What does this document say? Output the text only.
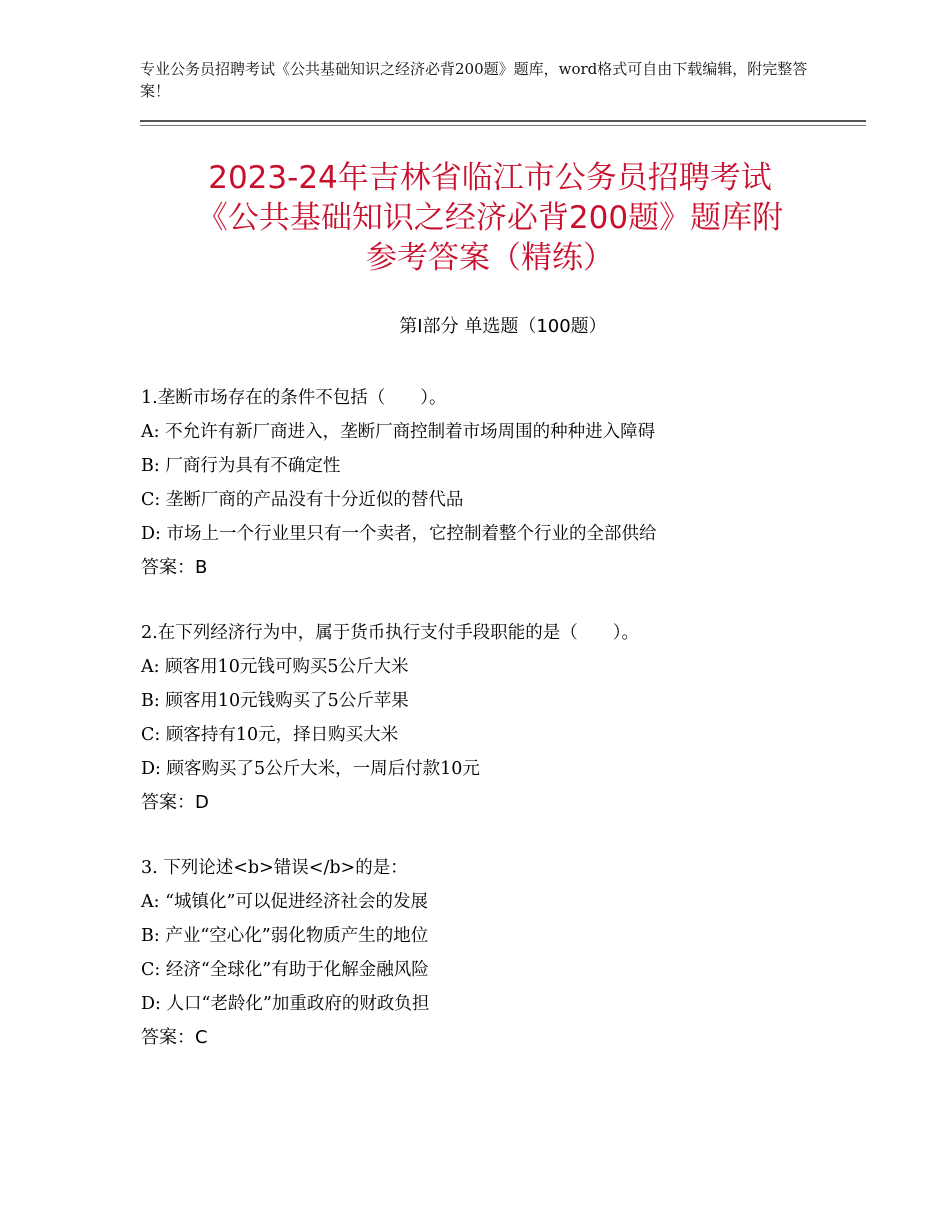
专业公务员招聘考试《公共基础知识之经济必背200题》题库，word格式可自由下载编辑，附完整答案！
2023-24年吉林省临江市公务员招聘考试
《公共基础知识之经济必背200题》题库附
参考答案（精练）
第I部分 单选题（100题）
1.垄断市场存在的条件不包括（　　）。
A: 不允许有新厂商进入，垄断厂商控制着市场周围的种种进入障碍
B: 厂商行为具有不确定性
C: 垄断厂商的产品没有十分近似的替代品
D: 市场上一个行业里只有一个卖者，它控制着整个行业的全部供给
答案：B
2.在下列经济行为中，属于货币执行支付手段职能的是（　　）。
A: 顾客用10元钱可购买5公斤大米
B: 顾客用10元钱购买了5公斤苹果
C: 顾客持有10元，择日购买大米
D: 顾客购买了5公斤大米，一周后付款10元
答案：D
3. 下列论述<b>错误</b>的是：
A: “城镇化”可以促进经济社会的发展
B: 产业“空心化”弱化物质产生的地位
C: 经济“全球化”有助于化解金融风险
D: 人口“老龄化”加重政府的财政负担
答案：C
